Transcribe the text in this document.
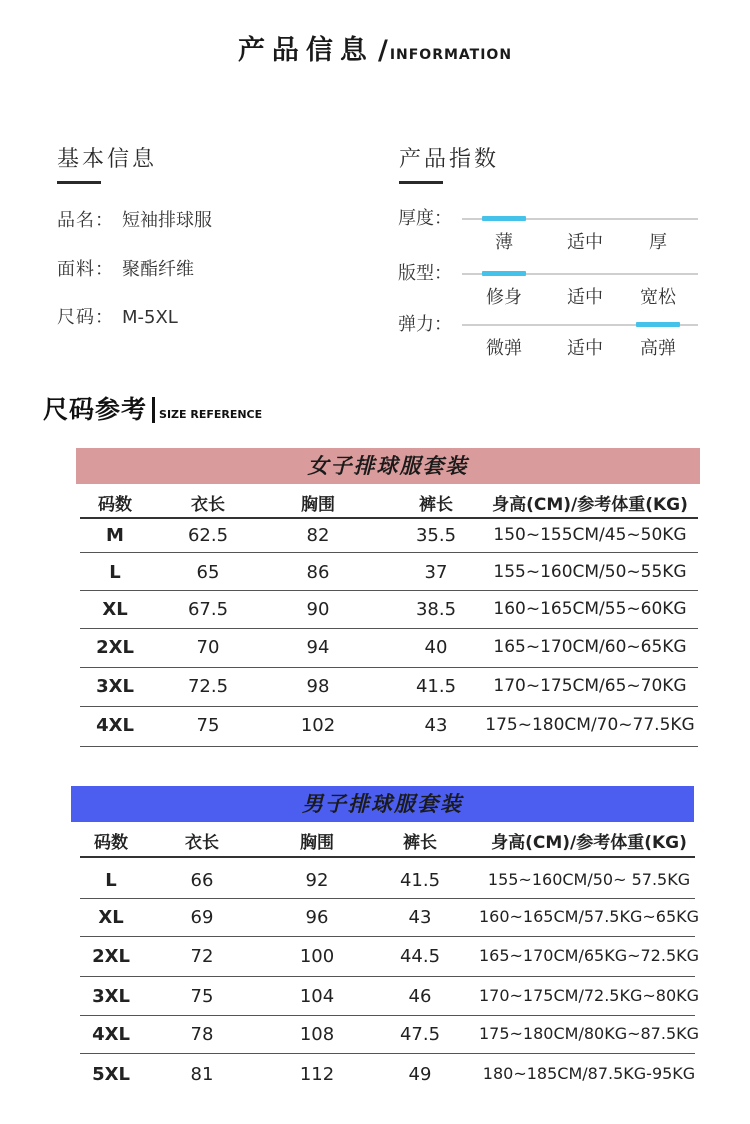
产品信息 / INFORMATION
基本信息
品名： 短袖排球服
面料： 聚酯纤维
尺码： M-5XL
产品指数
厚度：
薄	适中	厚
版型：
修身	适中	宽松
弹力：
微弹	适中	高弹
尺码参考 SIZE REFERENCE
女子排球服套装
码数	衣长	胸围	裤长	身高(CM)/参考体重(KG)
M	62.5	82	35.5	150~155CM/45~50KG
L	65	86	37	155~160CM/50~55KG
XL	67.5	90	38.5	160~165CM/55~60KG
2XL	70	94	40	165~170CM/60~65KG
3XL	72.5	98	41.5	170~175CM/65~70KG
4XL	75	102	43	175~180CM/70~77.5KG
男子排球服套装
码数	衣长	胸围	裤长	身高(CM)/参考体重(KG)
L	66	92	41.5	155~160CM/50~ 57.5KG
XL	69	96	43	160~165CM/57.5KG~65KG
2XL	72	100	44.5	165~170CM/65KG~72.5KG
3XL	75	104	46	170~175CM/72.5KG~80KG
4XL	78	108	47.5	175~180CM/80KG~87.5KG
5XL	81	112	49	180~185CM/87.5KG-95KG
